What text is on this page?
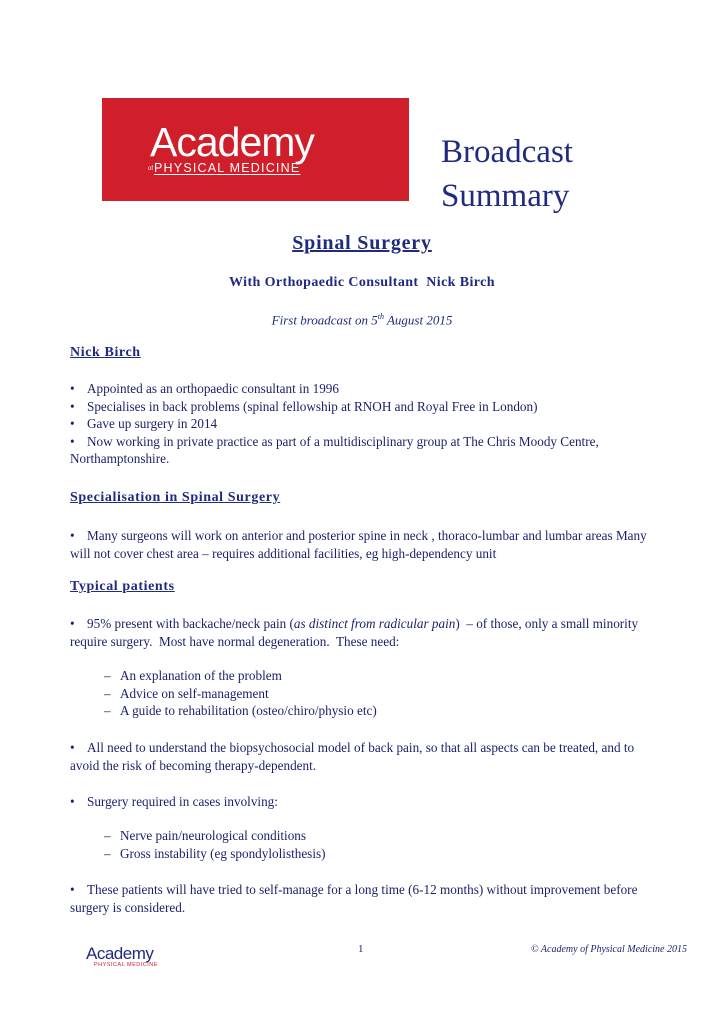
Academy
ofPHYSICAL MEDICINE	Broadcast
Summary
Spinal Surgery
With Orthopaedic Consultant  Nick Birch
First broadcast on 5th August 2015
Nick Birch
• Appointed as an orthopaedic consultant in 1996
• Specialises in back problems (spinal fellowship at RNOH and Royal Free in London)
• Gave up surgery in 2014
• Now working in private practice as part of a multidisciplinary group at The Chris Moody Centre, Northamptonshire.
Specialisation in Spinal Surgery
• Many surgeons will work on anterior and posterior spine in neck , thoraco-lumbar and lumbar areas Many will not cover chest area – requires additional facilities, eg high-dependency unit
Typical patients
• 95% present with backache/neck pain (as distinct from radicular pain)  – of those, only a small minority require surgery.  Most have normal degeneration.  These need:
– An explanation of the problem
– Advice on self-management
– A guide to rehabilitation (osteo/chiro/physio etc)
• All need to understand the biopsychosocial model of back pain, so that all aspects can be treated, and to avoid the risk of becoming therapy-dependent.
• Surgery required in cases involving:
– Nerve pain/neurological conditions
– Gross instability (eg spondylolisthesis)
• These patients will have tried to self-manage for a long time (6-12 months) without improvement before surgery is considered.
Academy
PHYSICAL MEDICINE
1	© Academy of Physical Medicine 2015
